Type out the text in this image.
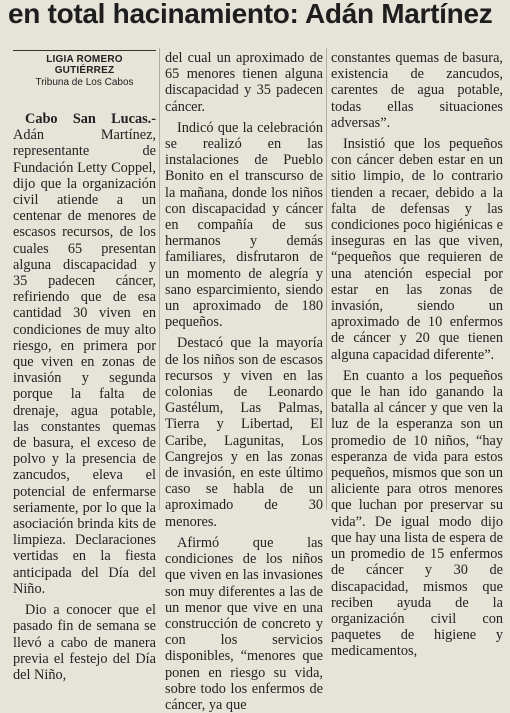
en total hacinamiento: Adán Martínez
LIGIA ROMERO
GUTIÉRREZ
Tribuna de Los Cabos

Cabo San Lucas.- Adán Martínez, representante de Fundación Letty Coppel, dijo que la organización civil atiende a un centenar de menores de escasos recursos, de los cuales 65 presentan alguna discapacidad y 35 padecen cáncer, refiriendo que de esa cantidad 30 viven en condiciones de muy alto riesgo, en primera por que viven en zonas de invasión y segunda porque la falta de drenaje, agua potable, las constantes quemas de basura, el exceso de polvo y la presencia de zancudos, eleva el potencial de enfermarse seriamente, por lo que la asociación brinda kits de limpieza. Declaraciones vertidas en la fiesta anticipada del Día del Niño.

Dio a conocer que el pasado fin de semana se llevó a cabo de manera previa el festejo del Día del Niño,

del cual un aproximado de 65 menores tienen alguna discapacidad y 35 padecen cáncer.

Indicó que la celebración se realizó en las instalaciones de Pueblo Bonito en el transcurso de la mañana, donde los niños con discapacidad y cáncer en compañía de sus hermanos y demás familiares, disfrutaron de un momento de alegría y sano esparcimiento, siendo un aproximado de 180 pequeños.

Destacó que la mayoría de los niños son de escasos recursos y viven en las colonias de Leonardo Gastélum, Las Palmas, Tierra y Libertad, El Caribe, Lagunitas, Los Cangrejos y en las zonas de invasión, en este último caso se habla de un aproximado de 30 menores.

Afirmó que las condiciones de los niños que viven en las invasiones son muy diferentes a las de un menor que vive en una construcción de concreto y con los servicios disponibles, “menores que ponen en riesgo su vida, sobre todo los enfermos de cáncer, ya que

constantes quemas de basura, existencia de zancudos, carentes de agua potable, todas ellas situaciones adversas”.

Insistió que los pequeños con cáncer deben estar en un sitio limpio, de lo contrario tienden a recaer, debido a la falta de defensas y las condiciones poco higiénicas e inseguras en las que viven, “pequeños que requieren de una atención especial por estar en las zonas de invasión, siendo un aproximado de 10 enfermos de cáncer y 20 que tienen alguna capacidad diferente”.

En cuanto a los pequeños que le han ido ganando la batalla al cáncer y que ven la luz de la esperanza son un promedio de 10 niños, “hay esperanza de vida para estos pequeños, mismos que son un aliciente para otros menores que luchan por preservar su vida”. De igual modo dijo que hay una lista de espera de un promedio de 15 enfermos de cáncer y 30 de discapacidad, mismos que reciben ayuda de la organización civil con paquetes de higiene y medicamentos,
